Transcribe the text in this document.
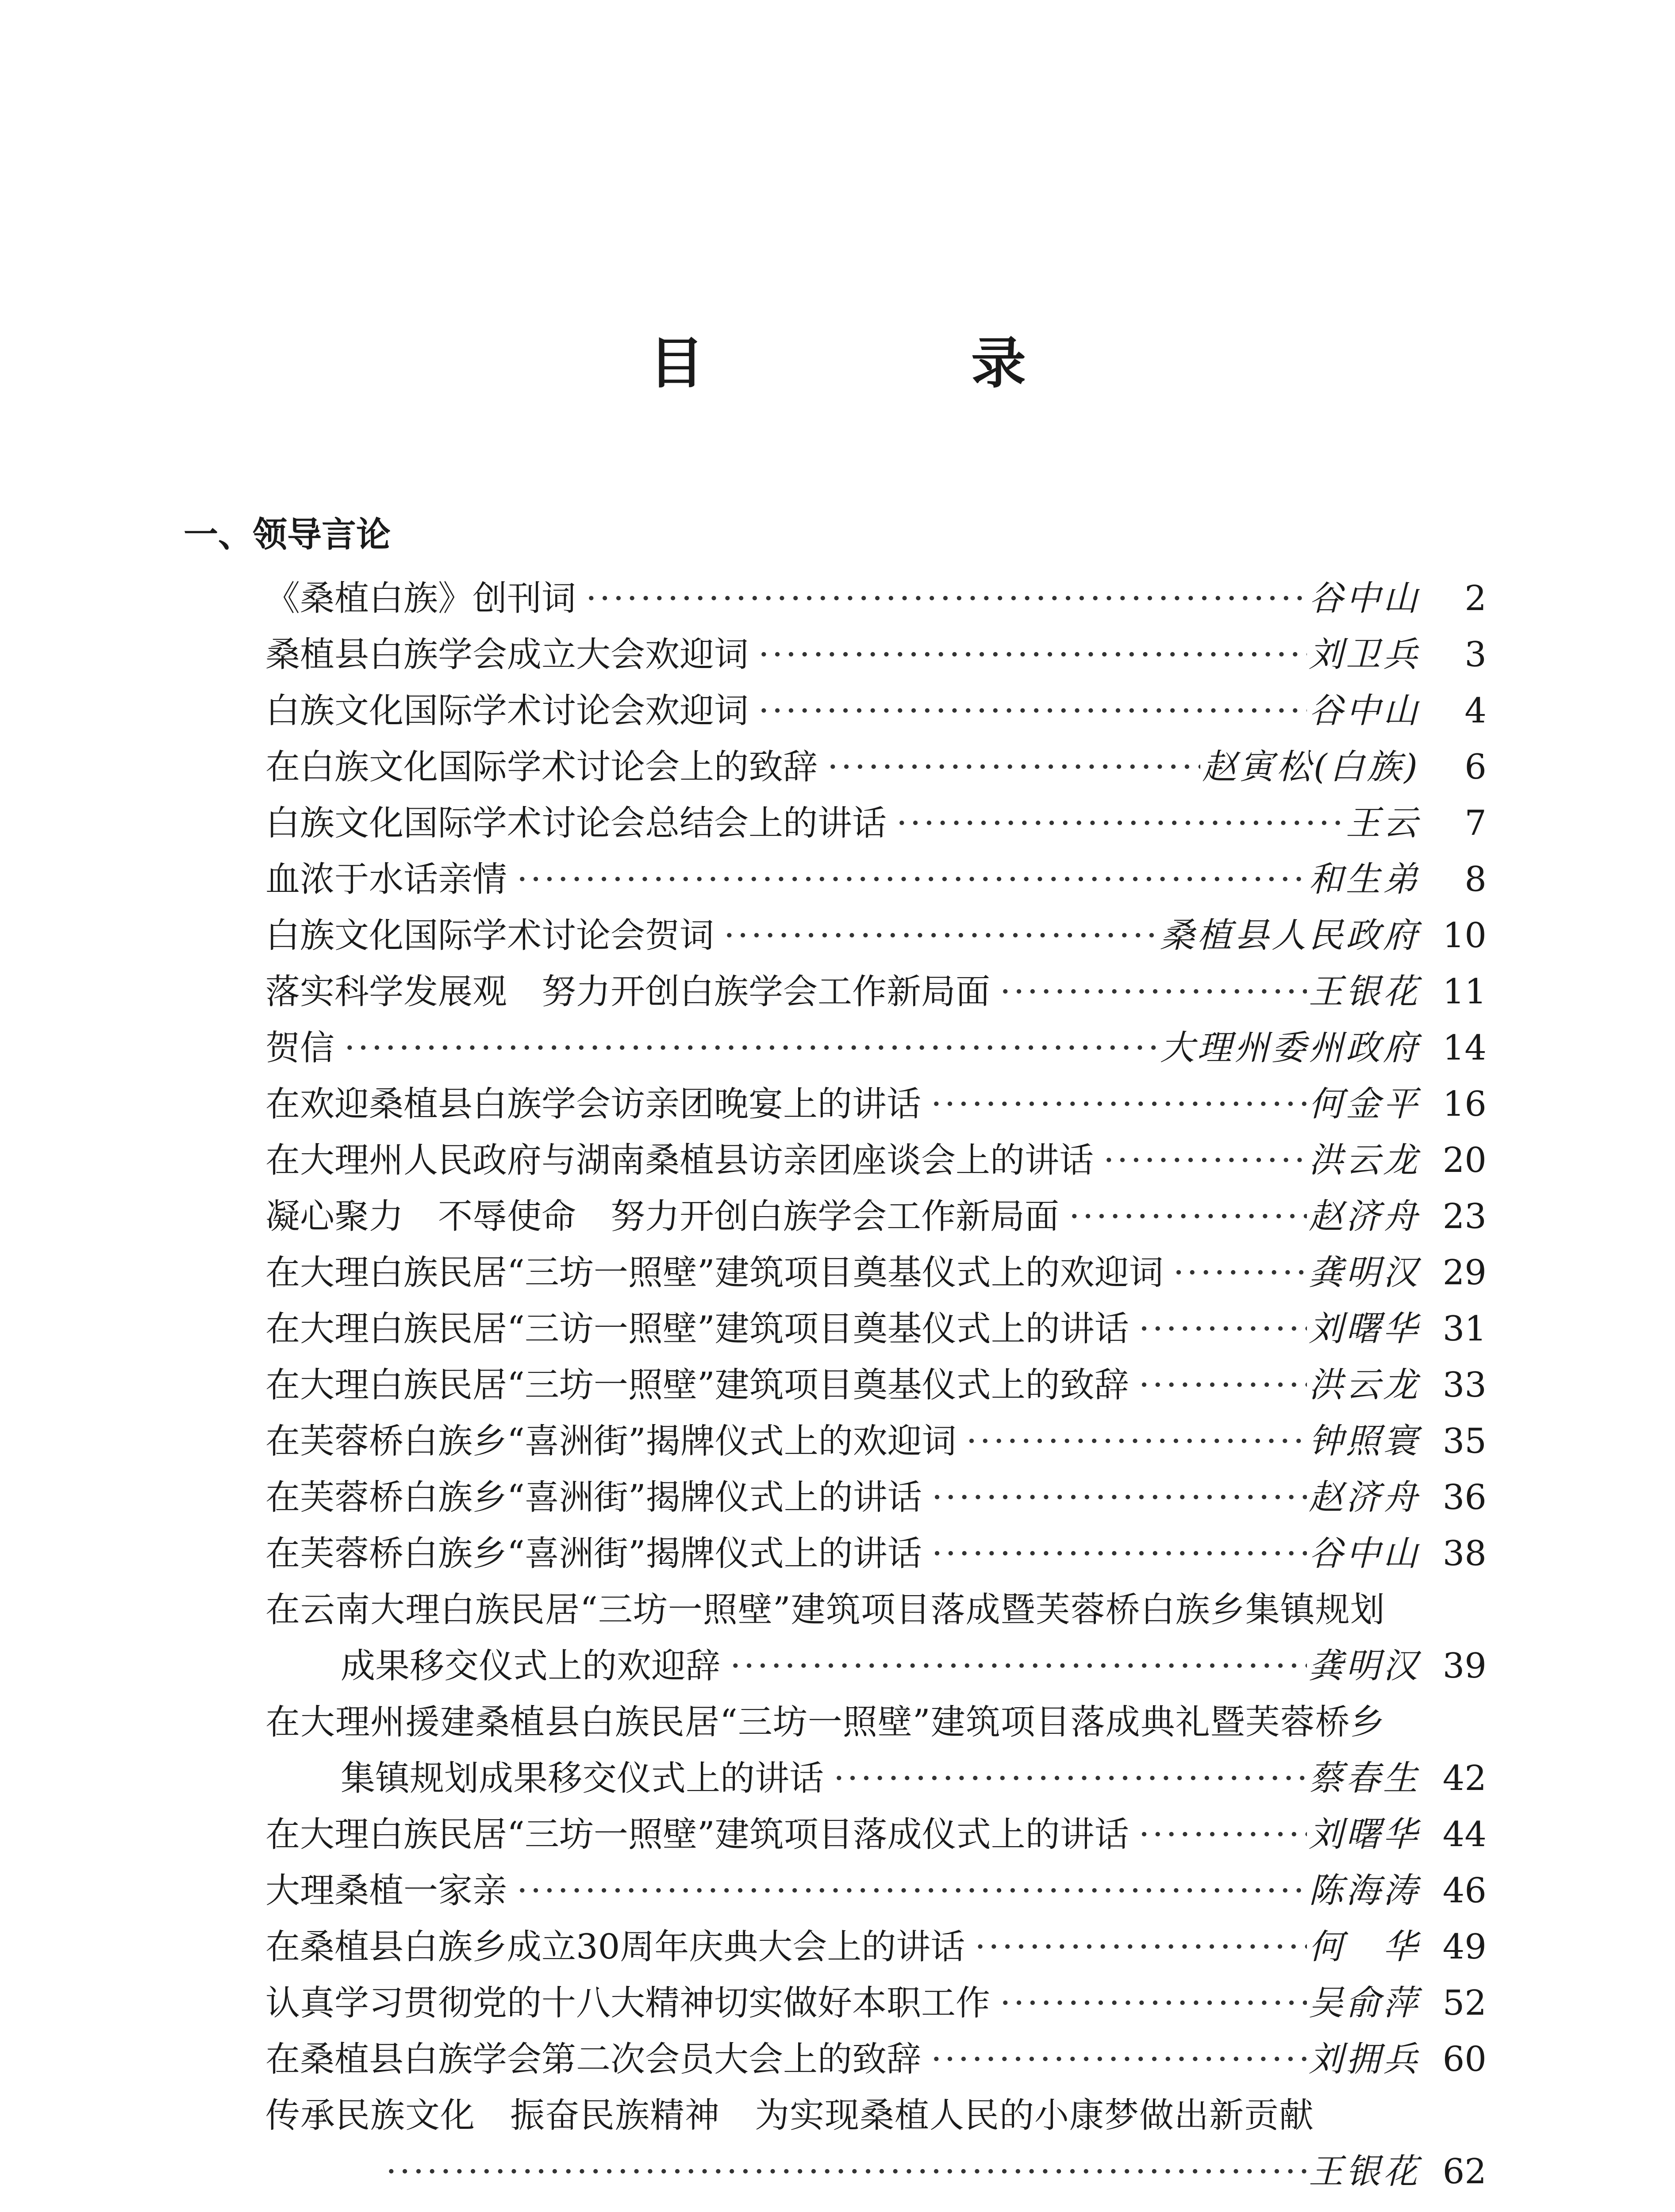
目　录
一、领导言论
《桑植白族》创刊词 ·····	谷中山	2
桑植县白族学会成立大会欢迎词 ·····	刘卫兵	3
白族文化国际学术讨论会欢迎词 ·····	谷中山	4
在白族文化国际学术讨论会上的致辞 ·····	赵寅松(白族)	6
白族文化国际学术讨论会总结会上的讲话 ·····	王云	7
血浓于水话亲情 ·····	和生弟	8
白族文化国际学术讨论会贺词 ·····	桑植县人民政府 10
落实科学发展观　努力开创白族学会工作新局面 ·····	王银花 11
贺信 ·····	大理州委州政府 14
在欢迎桑植县白族学会访亲团晚宴上的讲话 ·····	何金平 16
在大理州人民政府与湖南桑植县访亲团座谈会上的讲话 ·····	洪云龙 20
凝心聚力　不辱使命　努力开创白族学会工作新局面 ·····	赵济舟 23
在大理白族民居“三坊一照壁”建筑项目奠基仪式上的欢迎词 ·····	龚明汉 29
在大理白族民居“三访一照壁”建筑项目奠基仪式上的讲话 ·····	刘曙华 31
在大理白族民居“三坊一照壁”建筑项目奠基仪式上的致辞 ·····	洪云龙 33
在芙蓉桥白族乡“喜洲街”揭牌仪式上的欢迎词 ·····	钟照寰 35
在芙蓉桥白族乡“喜洲街”揭牌仪式上的讲话 ·····	赵济舟 36
在芙蓉桥白族乡“喜洲街”揭牌仪式上的讲话 ·····	谷中山 38
在云南大理白族民居“三坊一照壁”建筑项目落成暨芙蓉桥白族乡集镇规划
成果移交仪式上的欢迎辞 ·····	龚明汉 39
在大理州援建桑植县白族民居“三坊一照壁”建筑项目落成典礼暨芙蓉桥乡
集镇规划成果移交仪式上的讲话 ·····	蔡春生 42
在大理白族民居“三坊一照壁”建筑项目落成仪式上的讲话 ·····	刘曙华 44
大理桑植一家亲 ·····	陈海涛 46
在桑植县白族乡成立30周年庆典大会上的讲话 ·····	何　华 49
认真学习贯彻党的十八大精神切实做好本职工作 ·····	吴俞萍 52
在桑植县白族学会第二次会员大会上的致辞 ·····	刘拥兵 60
传承民族文化　振奋民族精神　为实现桑植人民的小康梦做出新贡献
·····
王银花 62
